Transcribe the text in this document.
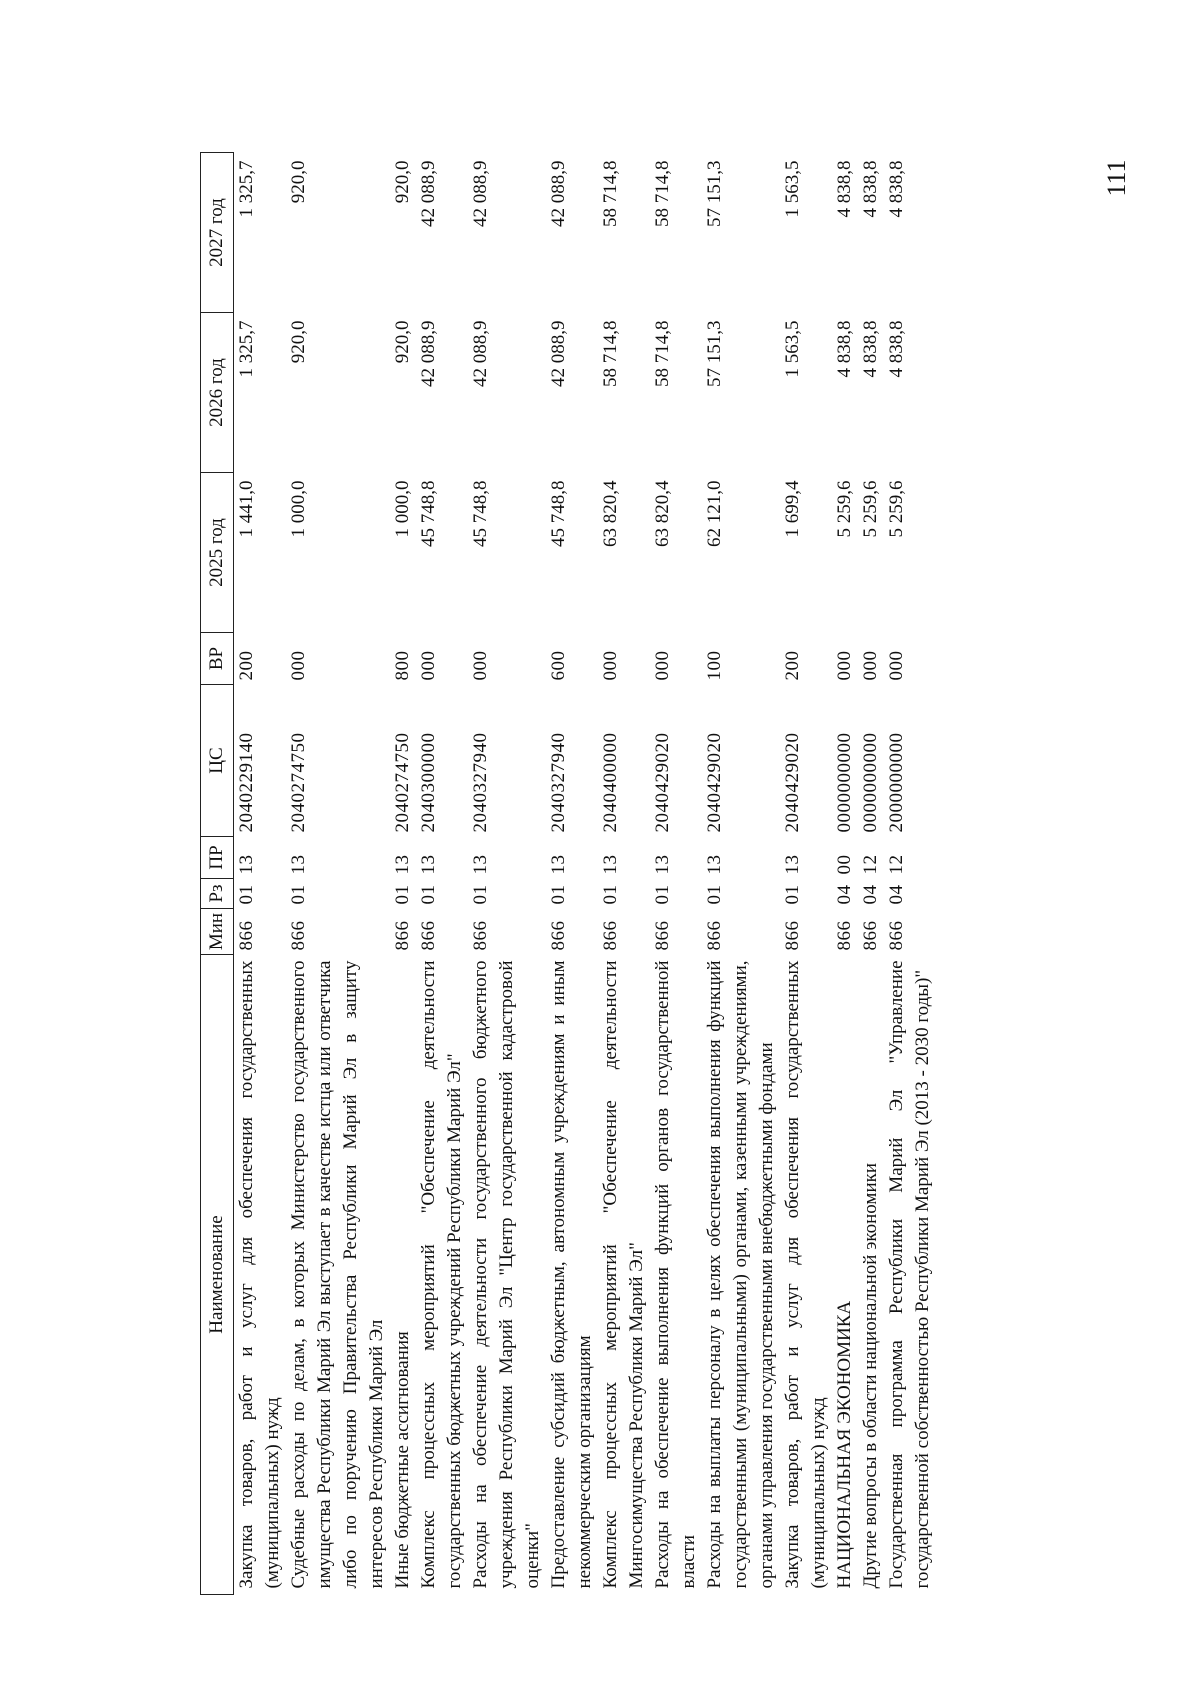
111
Наименование	Мин	Рз	ПР	ЦС	ВР	2025 год	2026 год	2027 год	
Закупка товаров, работ и услуг для обеспечения государственных (муниципальных) нужд	866	01	13	2040229140	200	1 441,0	1 325,7	1 325,7	
Судебные расходы по делам, в которых Министерство государственного имущества Республики Марий Эл выступает в качестве истца или ответчика либо по поручению Правительства Республики Марий Эл в защиту интересов Республики Марий Эл	866	01	13	2040274750	000	1 000,0	920,0	920,0	
Иные бюджетные ассигнования	866	01	13	2040274750	800	1 000,0	920,0	920,0	
Комплекс процессных мероприятий "Обеспечение деятельности государственных бюджетных учреждений Республики Марий Эл"	866	01	13	2040300000	000	45 748,8	42 088,9	42 088,9	
Расходы на обеспечение деятельности государственного бюджетного учреждения Республики Марий Эл "Центр государственной кадастровой оценки"	866	01	13	2040327940	000	45 748,8	42 088,9	42 088,9	
Предоставление субсидий бюджетным, автономным учреждениям и иным некоммерческим организациям	866	01	13	2040327940	600	45 748,8	42 088,9	42 088,9	
Комплекс процессных мероприятий "Обеспечение деятельности Мингосимущества Республики Марий Эл"	866	01	13	2040400000	000	63 820,4	58 714,8	58 714,8	
Расходы на обеспечение выполнения функций органов государственной власти	866	01	13	2040429020	000	63 820,4	58 714,8	58 714,8	
Расходы на выплаты персоналу в целях обеспечения выполнения функций государственными (муниципальными) органами, казенными учреждениями, органами управления государственными внебюджетными фондами	866	01	13	2040429020	100	62 121,0	57 151,3	57 151,3	
Закупка товаров, работ и услуг для обеспечения государственных (муниципальных) нужд	866	01	13	2040429020	200	1 699,4	1 563,5	1 563,5	
НАЦИОНАЛЬНАЯ ЭКОНОМИКА	866	04	00	0000000000	000	5 259,6	4 838,8	4 838,8	
Другие вопросы в области национальной экономики	866	04	12	0000000000	000	5 259,6	4 838,8	4 838,8	
Государственная программа Республики Марий Эл "Управление государственной собственностью Республики Марий Эл (2013 - 2030 годы)"	866	04	12	2000000000	000	5 259,6	4 838,8	4 838,8	
